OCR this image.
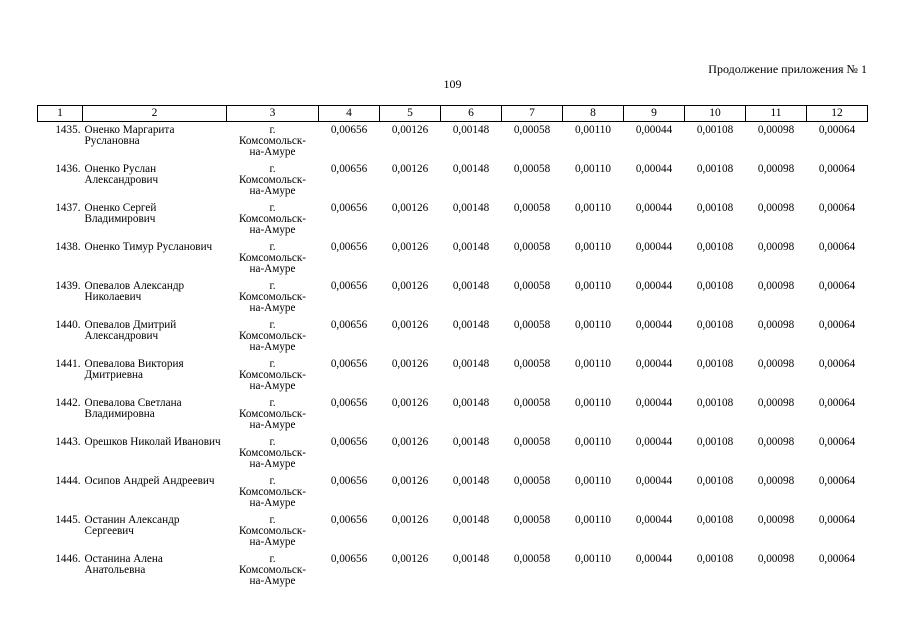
Продолжение приложения № 1
109
1	2	3	4	5	6	7	8	9	10	11	12
1435.	Оненко Маргарита Руслановна	г.
Комсомольск-
на-Амуре	0,00656	0,00126	0,00148	0,00058	0,00110	0,00044	0,00108	0,00098	0,00064
1436.	Оненко Руслан Александрович	г.
Комсомольск-
на-Амуре	0,00656	0,00126	0,00148	0,00058	0,00110	0,00044	0,00108	0,00098	0,00064
1437.	Оненко Сергей Владимирович	г.
Комсомольск-
на-Амуре	0,00656	0,00126	0,00148	0,00058	0,00110	0,00044	0,00108	0,00098	0,00064
1438.	Оненко Тимур Русланович	г.
Комсомольск-
на-Амуре	0,00656	0,00126	0,00148	0,00058	0,00110	0,00044	0,00108	0,00098	0,00064
1439.	Опевалов Александр Николаевич	г.
Комсомольск-
на-Амуре	0,00656	0,00126	0,00148	0,00058	0,00110	0,00044	0,00108	0,00098	0,00064
1440.	Опевалов Дмитрий Александрович	г.
Комсомольск-
на-Амуре	0,00656	0,00126	0,00148	0,00058	0,00110	0,00044	0,00108	0,00098	0,00064
1441.	Опевалова Виктория Дмитриевна	г.
Комсомольск-
на-Амуре	0,00656	0,00126	0,00148	0,00058	0,00110	0,00044	0,00108	0,00098	0,00064
1442.	Опевалова Светлана Владимировна	г.
Комсомольск-
на-Амуре	0,00656	0,00126	0,00148	0,00058	0,00110	0,00044	0,00108	0,00098	0,00064
1443.	Орешков Николай Иванович	г.
Комсомольск-
на-Амуре	0,00656	0,00126	0,00148	0,00058	0,00110	0,00044	0,00108	0,00098	0,00064
1444.	Осипов Андрей Андреевич	г.
Комсомольск-
на-Амуре	0,00656	0,00126	0,00148	0,00058	0,00110	0,00044	0,00108	0,00098	0,00064
1445.	Останин Александр Сергеевич	г.
Комсомольск-
на-Амуре	0,00656	0,00126	0,00148	0,00058	0,00110	0,00044	0,00108	0,00098	0,00064
1446.	Останина Алена Анатольевна	г.
Комсомольск-
на-Амуре	0,00656	0,00126	0,00148	0,00058	0,00110	0,00044	0,00108	0,00098	0,00064
